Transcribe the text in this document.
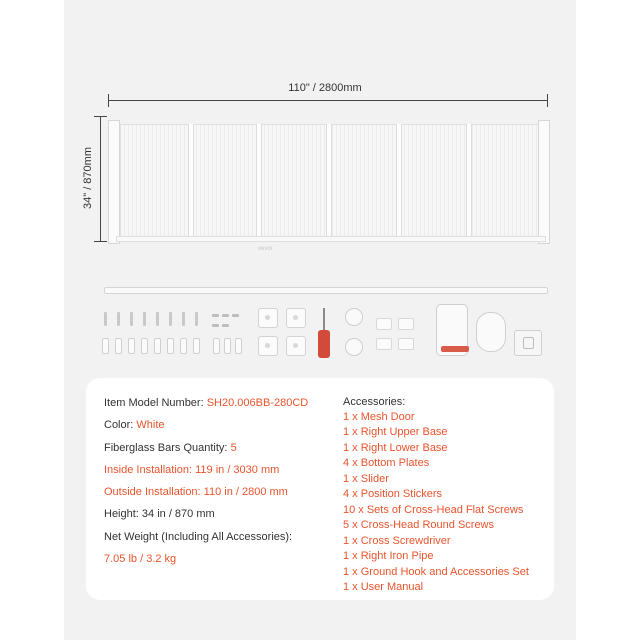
110" / 2800mm
34" / 870mm
vevor
Item Model Number: SH20.006BB-280CD
Color: White
Fiberglass Bars Quantity: 5
Inside Installation: 119 in / 3030 mm
Outside Installation: 110 in / 2800 mm
Height: 34 in / 870 mm
Net Weight (Including All Accessories):
7.05 lb / 3.2 kg
Accessories:
1 x Mesh Door
1 x Right Upper Base
1 x Right Lower Base
4 x Bottom Plates
1 x Slider
4 x Position Stickers
10 x Sets of Cross-Head Flat Screws
5 x Cross-Head Round Screws
1 x Cross Screwdriver
1 x Right Iron Pipe
1 x Ground Hook and Accessories Set
1 x User Manual
